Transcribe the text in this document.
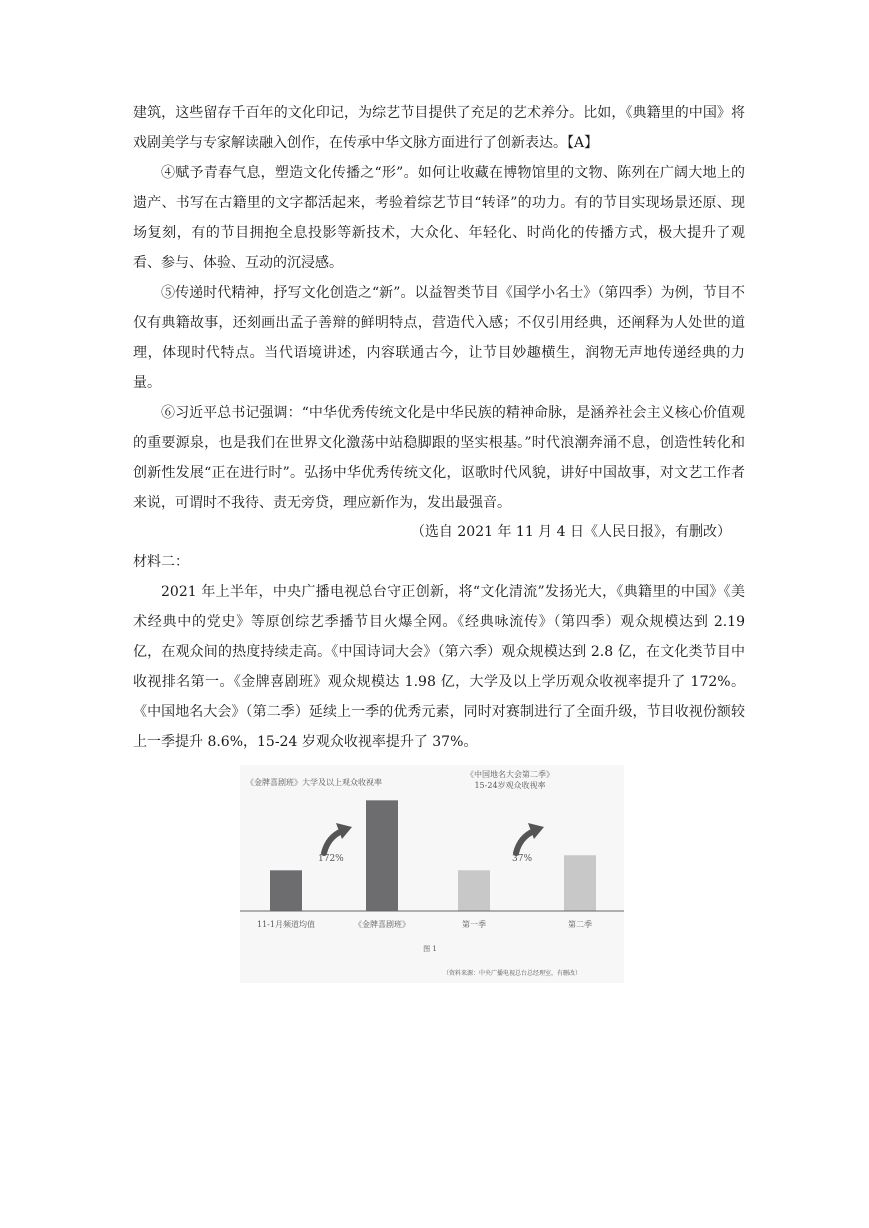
建筑，这些留存千百年的文化印记，为综艺节目提供了充足的艺术养分。比如，《典籍里的中国》将戏剧美学与专家解读融入创作，在传承中华文脉方面进行了创新表达。【A】

④赋予青春气息，塑造文化传播之“形”。如何让收藏在博物馆里的文物、陈列在广阔大地上的遗产、书写在古籍里的文字都活起来，考验着综艺节目“转译”的功力。有的节目实现场景还原、现场复刻，有的节目拥抱全息投影等新技术，大众化、年轻化、时尚化的传播方式，极大提升了观看、参与、体验、互动的沉浸感。

⑤传递时代精神，抒写文化创造之“新”。以益智类节目《国学小名士》（第四季）为例，节目不仅有典籍故事，还刻画出孟子善辩的鲜明特点，营造代入感；不仅引用经典，还阐释为人处世的道理，体现时代特点。当代语境讲述，内容联通古今，让节目妙趣横生，润物无声地传递经典的力量。

⑥习近平总书记强调：“中华优秀传统文化是中华民族的精神命脉，是涵养社会主义核心价值观的重要源泉，也是我们在世界文化激荡中站稳脚跟的坚实根基。”时代浪潮奔涌不息，创造性转化和创新性发展“正在进行时”。弘扬中华优秀传统文化，讴歌时代风貌，讲好中国故事，对文艺工作者来说，可谓时不我待、责无旁贷，理应新作为，发出最强音。

（选自 2021 年 11 月 4 日《人民日报》，有删改）

材料二：

2021 年上半年，中央广播电视总台守正创新，将“文化清流”发扬光大，《典籍里的中国》《美术经典中的党史》等原创综艺季播节目火爆全网。《经典咏流传》（第四季）观众规模达到 2.19 亿，在观众间的热度持续走高。《中国诗词大会》（第六季）观众规模达到 2.8 亿，在文化类节目中收视排名第一。《金牌喜剧班》观众规模达 1.98 亿，大学及以上学历观众收视率提升了 172%。《中国地名大会》（第二季）延续上一季的优秀元素，同时对赛制进行了全面升级，节目收视份额较上一季提升 8.6%，15-24 岁观众收视率提升了 37%。

《金牌喜剧班》大学及以上观众收视率
《中国地名大会第二季》
15-24岁观众收视率
172%	37%
11-1月频道均值	《金牌喜剧班》	第一季	第二季
图 1
（资料来源：中央广播电视总台总经理室，有删改）
